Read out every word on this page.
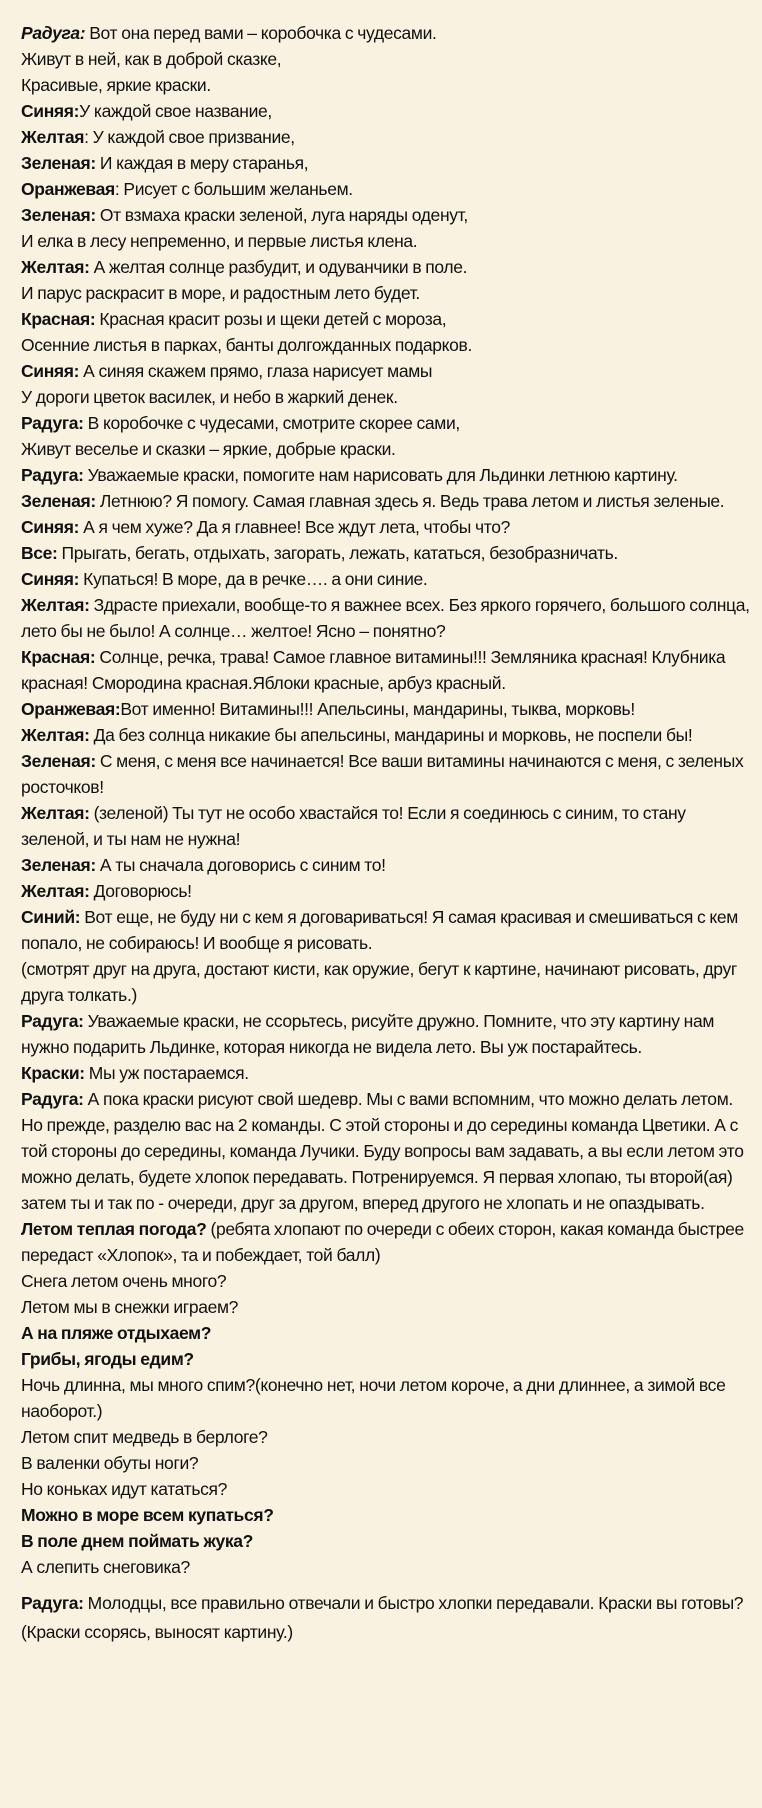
Радуга: Вот она перед вами – коробочка с чудесами.

Живут в ней, как в доброй сказке,

Красивые, яркие краски.

Синяя:У каждой свое название,

Желтая: У каждой свое призвание,

Зеленая: И каждая в меру старанья,

Оранжевая: Рисует с большим желаньем.

Зеленая: От взмаха краски зеленой, луга наряды оденут,

И елка в лесу непременно, и первые листья клена.

Желтая: А желтая солнце разбудит, и одуванчики в поле.

И парус раскрасит в море, и радостным лето будет.

Красная: Красная красит розы и щеки детей с мороза,

Осенние листья в парках, банты долгожданных подарков.

Синяя: А синяя скажем прямо, глаза нарисует мамы

У дороги цветок василек, и небо в жаркий денек.

Радуга: В коробочке с чудесами, смотрите скорее сами,

Живут веселье и сказки – яркие, добрые краски.

Радуга: Уважаемые краски, помогите нам нарисовать для Льдинки летнюю картину.

Зеленая: Летнюю? Я помогу. Самая главная здесь я. Ведь трава летом и листья зеленые.

Синяя: А я чем хуже? Да я главнее! Все ждут лета, чтобы что?

Все: Прыгать, бегать, отдыхать, загорать, лежать, кататься, безобразничать.

Синяя: Купаться! В море, да в речке…. а они синие.

Желтая: Здрасте приехали, вообще-то я важнее всех. Без яркого горячего, большого солнца, лето бы не было! А солнце… желтое! Ясно – понятно?

Красная: Солнце, речка, трава! Самое главное витамины!!! Земляника красная! Клубника красная! Смородина красная.Яблоки красные, арбуз красный.

Оранжевая:Вот именно! Витамины!!! Апельсины, мандарины, тыква, морковь!

Желтая: Да без солнца никакие бы апельсины, мандарины и морковь, не поспели бы!

Зеленая: С меня, с меня все начинается! Все ваши витамины начинаются с меня, с зеленых росточков!

Желтая: (зеленой) Ты тут не особо хвастайся то! Если я соединюсь с синим, то стану зеленой, и ты нам не нужна!

Зеленая: А ты сначала договорись с синим то!

Желтая: Договорюсь!

Синий: Вот еще, не буду ни с кем я договариваться! Я самая красивая и смешиваться с кем попало, не собираюсь! И вообще я рисовать.

(смотрят друг на друга, достают кисти, как оружие, бегут к картине, начинают рисовать, друг друга толкать.)

Радуга: Уважаемые краски, не ссорьтесь, рисуйте дружно. Помните, что эту картину нам нужно подарить Льдинке, которая никогда не видела лето. Вы уж постарайтесь.

Краски: Мы уж постараемся.

Радуга: А пока краски рисуют свой шедевр. Мы с вами вспомним, что можно делать летом. Но прежде, разделю вас на 2 команды. С этой стороны и до середины команда Цветики. А с той стороны до середины, команда Лучики. Буду вопросы вам задавать, а вы если летом это можно делать, будете хлопок передавать. Потренируемся. Я первая хлопаю, ты второй(ая) затем ты и так по - очереди, друг за другом, вперед другого не хлопать и не опаздывать.

Летом теплая погода? (ребята хлопают по очереди с обеих сторон, какая команда быстрее передаст «Хлопок», та и побеждает, той балл)

Снега летом очень много?

Летом мы в снежки играем?

А на пляже отдыхаем?

Грибы, ягоды едим?

Ночь длинна, мы много спим?(конечно нет, ночи летом короче, а дни длиннее, а зимой все наоборот.)

Летом спит медведь в берлоге?

В валенки обуты ноги?

Но коньках идут кататься?

Можно в море всем купаться?

В поле днем поймать жука?

А слепить снеговика?

Радуга: Молодцы, все правильно отвечали и быстро хлопки передавали. Краски вы готовы?

(Краски ссорясь, выносят картину.)
